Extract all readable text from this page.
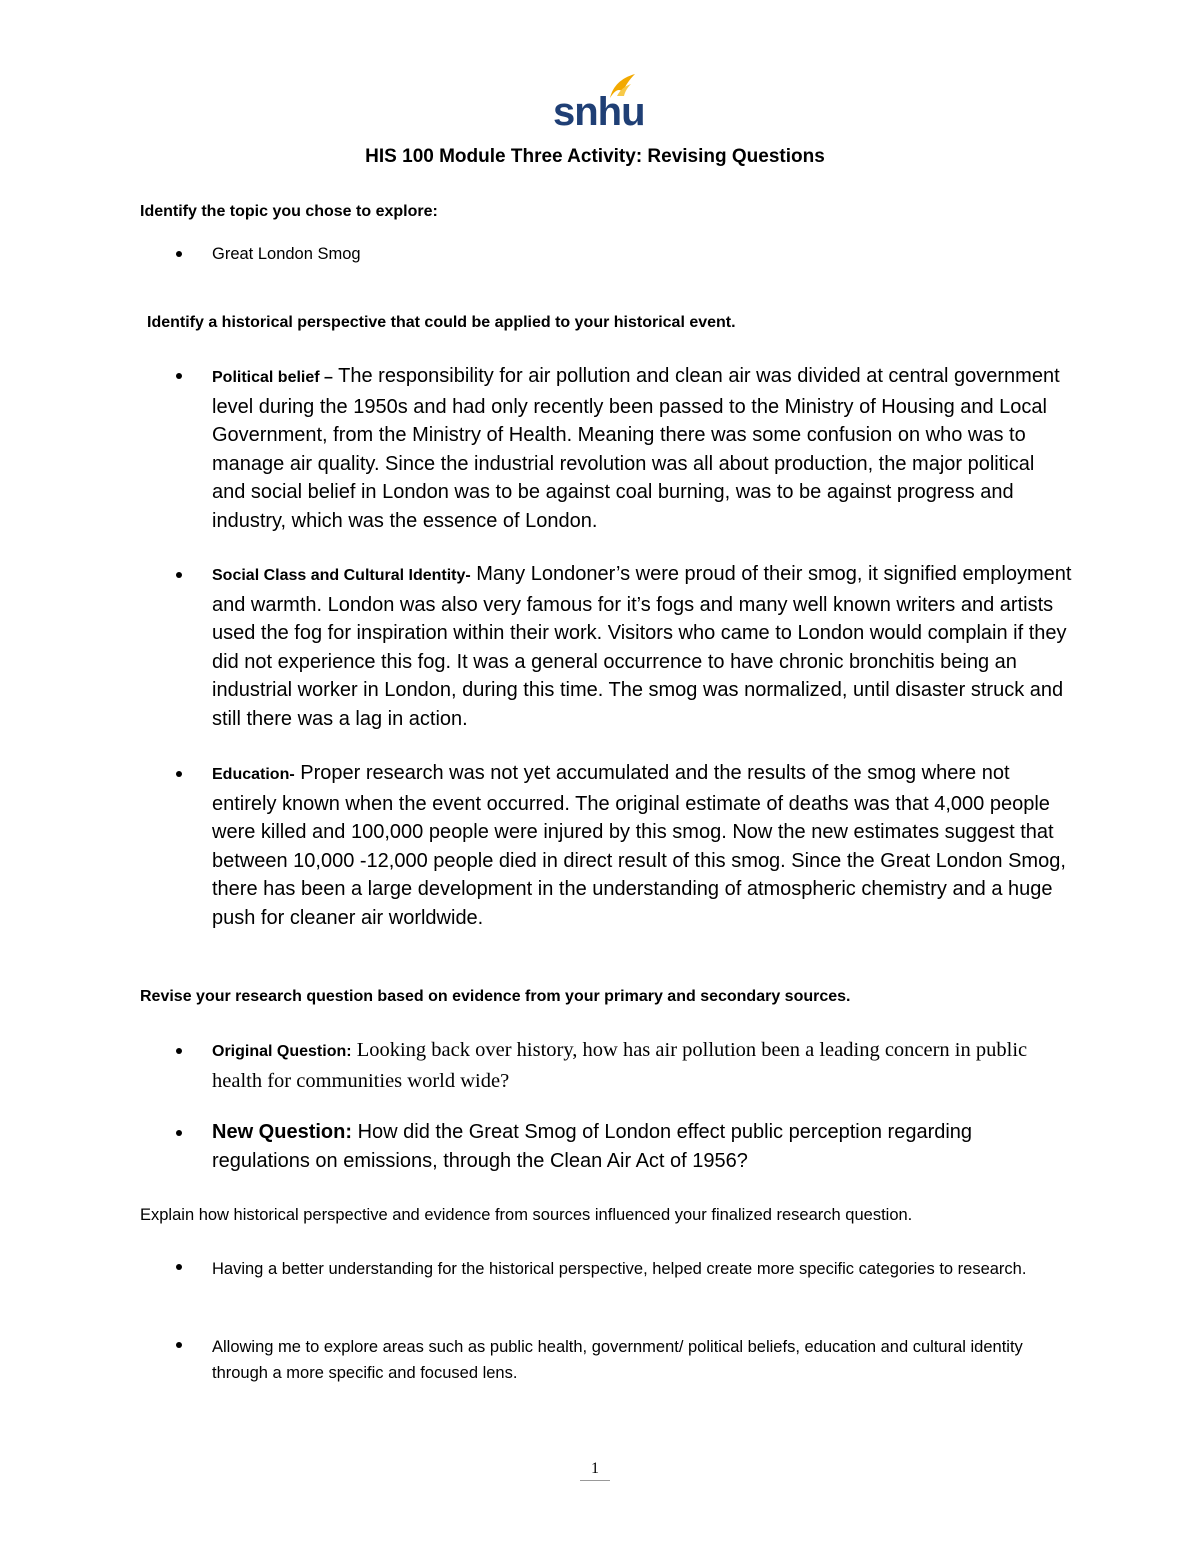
snhu
HIS 100 Module Three Activity: Revising Questions
Identify the topic you chose to explore:
Great London Smog
Identify a historical perspective that could be applied to your historical event.
Political belief – The responsibility for air pollution and clean air was divided at central government level during the 1950s and had only recently been passed to the Ministry of Housing and Local Government, from the Ministry of Health. Meaning there was some confusion on who was to manage air quality. Since the industrial revolution was all about production, the major political and social belief in London was to be against coal burning, was to be against progress and industry, which was the essence of London.
Social Class and Cultural Identity- Many Londoner’s were proud of their smog, it signified employment and warmth. London was also very famous for it’s fogs and many well known writers and artists used the fog for inspiration within their work. Visitors who came to London would complain if they did not experience this fog. It was a general occurrence to have chronic bronchitis being an industrial worker in London, during this time. The smog was normalized, until disaster struck and still there was a lag in action.
Education- Proper research was not yet accumulated and the results of the smog where not entirely known when the event occurred. The original estimate of deaths was that 4,000 people were killed and 100,000 people were injured by this smog. Now the new estimates suggest that between 10,000 -12,000 people died in direct result of this smog. Since the Great London Smog, there has been a large development in the understanding of atmospheric chemistry and a huge push for cleaner air worldwide.
Revise your research question based on evidence from your primary and secondary sources.
Original Question: Looking back over history, how has air pollution been a leading concern in public health for communities world wide?
New Question: How did the Great Smog of London effect public perception regarding regulations on emissions, through the Clean Air Act of 1956?
Explain how historical perspective and evidence from sources influenced your finalized research question.
Having a better understanding for the historical perspective, helped create more specific categories to research.
Allowing me to explore areas such as public health, government/ political beliefs, education and cultural identity through a more specific and focused lens.
1
